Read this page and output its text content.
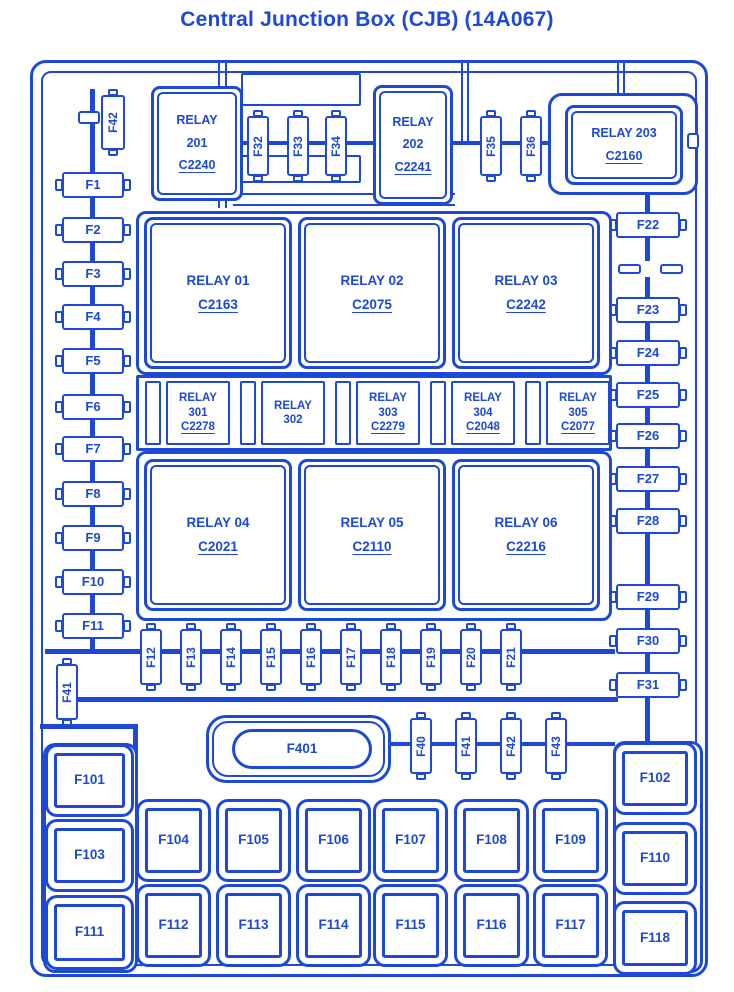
Central Junction Box (CJB) (14A067)
F42	RELAY
201
C2240
RELAY
202
C2241
F32 F33 F34	F35 F36
RELAY 203
C2160
F1
F2
F3
F4
F5
F6
F7
F8
F9
F10
F11
F22
F23
F24
F25
F26
F27
F28
F29
F30
F31
RELAY 01
C2163
RELAY 02
C2075
RELAY 03
C2242
RELAY
301
C2278
RELAY
302
RELAY
303
C2279
RELAY
304
C2048
RELAY
305
C2077
RELAY 04
C2021
RELAY 05
C2110
RELAY 06
C2216
F12 F13 F14 F15 F16 F17 F18 F19 F20 F21
F41
F401	F40	F41	F42	F43
F101
F103
F111
F102
F110
F118
F104	F105	F106	F107	F108	F109
F112	F113	F114	F115	F116	F117
